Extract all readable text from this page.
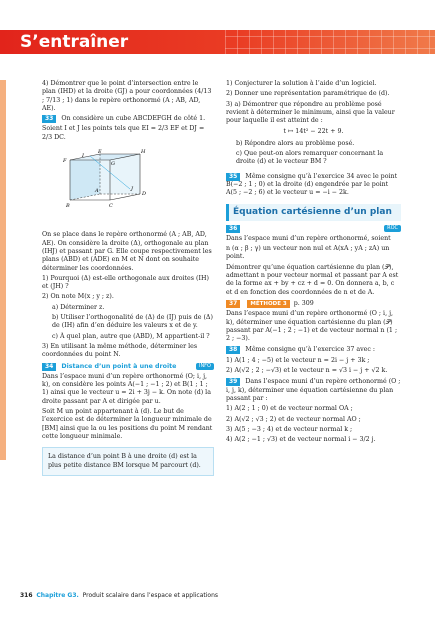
S’entraîner

4) Démontrer que le point d’intersection entre le plan (IHD) et la droite (GJ) a pour coordonnées (4/13 ; 7/13 ; 1) dans le repère orthonormé (A ; AB, AD, AE).

33 On considère un cube ABCDEFGH de côté 1.

Soient I et J les points tels que EI = 2/3 EF et DJ = 2/3 DC.

E	H
F	G
I
A	D
J
B	C

On se place dans le repère orthonormé (A ; AB, AD, AE). On considère la droite (Δ), orthogonale au plan (IHJ) et passant par G. Elle coupe respectivement les plans (ABD) et (ADE) en M et N dont on souhaite déterminer les coordonnées.

1) Pourquoi (Δ) est-elle orthogonale aux droites (IH) et (JH) ?

2) On note M(x ; y ; z).

a) Déterminer z.

b) Utiliser l’orthogonalité de (Δ) de (IJ) puis de (Δ) de (IH) afin d’en déduire les valeurs x et de y.

c) À quel plan, autre que (ABD), M appartient-il ?

3) En utilisant la même méthode, déterminer les coordonnées du point N.

34 Distance d’un point à une droite	INFO

Dans l’espace muni d’un repère orthonormé (O; i, j, k), on considère les points A(−1 ; −1 ; 2) et B(1 ; 1 ; 1) ainsi que le vecteur u = 2i + 3j − k. On note (d) la droite passant par A et dirigée par u.

Soit M un point appartenant à (d). Le but de l’exercice est de déterminer la longueur minimale de [BM] ainsi que la ou les positions du point M rendant cette longueur minimale.

La distance d’un point B à une droite (d) est la plus petite distance BM lorsque M parcourt (d).

1) Conjecturer la solution à l’aide d’un logiciel.

2) Donner une représentation paramétrique de (d).

3) a) Démontrer que répondre au problème posé revient à déterminer le minimum, ainsi que la valeur pour laquelle il est atteint de :

t ↦ 14t² − 22t + 9.

b) Répondre alors au problème posé.

c) Que peut-on alors remarquer concernant la droite (d) et le vecteur BM ?

35 Même consigne qu’à l’exercice 34 avec le point B(−2 ; 1 ; 0) et la droite (d) engendrée par le point A(5 ; −2 ; 6) et le vecteur u = −i − 2k.

Équation cartésienne d’un plan

36	ROC

Dans l’espace muni d’un repère orthonormé, soient

n (α ; β ; γ) un vecteur non nul et A(xA ; yA ; zA) un point.

Démontrer qu’une équation cartésienne du plan (𝒫), admettant n pour vecteur normal et passant par A est de la forme ax + by + cz + d = 0. On donnera a, b, c et d en fonction des coordonnées de n et de A.

37 MÉTHODE 3 p. 309

Dans l’espace muni d’un repère orthonormé (O ; i, j, k), déterminer une équation cartésienne du plan (𝒫) passant par A(−1 ; 2 ; −1) et de vecteur normal n (1 ; 2 ; −3).

38 Même consigne qu’à l’exercice 37 avec :

1) A(1 ; 4 ; −5) et le vecteur n = 2i − j + 3k ;

2) A(√2 ; 2 ; −√3) et le vecteur n = √3 i − j + √2 k.

39 Dans l’espace muni d’un repère orthonormé (O ; i, j, k), déterminer une équation cartésienne du plan passant par :

1) A(2 ; 1 ; 0) et de vecteur normal OA ;

2) A(√2 ; √3 ; 2) et de vecteur normal AO ;

3) A(5 ; −3 ; 4) et de vecteur normal k ;

4) A(2 ; −1 ; √3) et de vecteur normal i − 3/2 j.

316 Chapitre G3. Produit scalaire dans l’espace et applications
